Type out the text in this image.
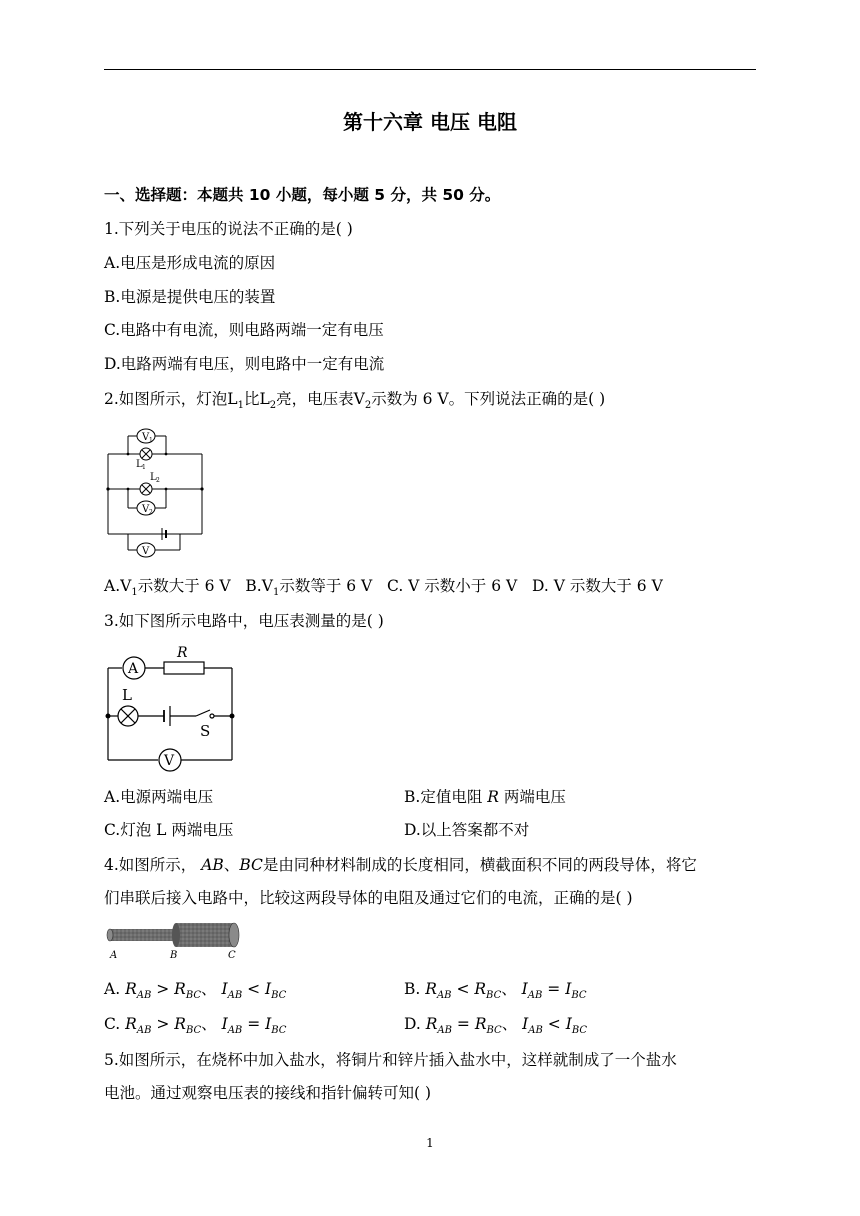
第十六章 电压 电阻
一、选择题：本题共 10 小题，每小题 5 分，共 50 分。
1.下列关于电压的说法不正确的是( )
A.电压是形成电流的原因
B.电源是提供电压的装置
C.电路中有电流，则电路两端一定有电压
D.电路两端有电压，则电路中一定有电流
2.如图所示，灯泡$L_1$比$L_2$亮，电压表$V_2$示数为 6 V。下列说法正确的是( )
V 1
L 1
L 2
V 2
V
$A.V_1$示数大于 6 V $B.V_1$示数等于 6 V C. V 示数小于 6 V D. V 示数大于 6 V
3.如下图所示电路中，电压表测量的是( )
A
R
L
S
V
A.电源两端电压	B.定值电阻 R 两端电压
C.灯泡 L 两端电压	D.以上答案都不对
4.如图所示， AB、BC是由同种材料制成的长度相同，横截面积不同的两段导体，将它
们串联后接入电路中，比较这两段导体的电阻及通过它们的电流，正确的是( )
A	B	C
A. $R_{AB} > R_{BC}$、 $I_{AB} < I_{BC}$	B. $R_{AB} < R_{BC}$、 $I_{AB} = I_{BC}$
C. $R_{AB} > R_{BC}$、 $I_{AB} = I_{BC}$	D. $R_{AB} = R_{BC}$、 $I_{AB} < I_{BC}$
5.如图所示，在烧杯中加入盐水，将铜片和锌片插入盐水中，这样就制成了一个盐水
电池。通过观察电压表的接线和指针偏转可知( )
1
